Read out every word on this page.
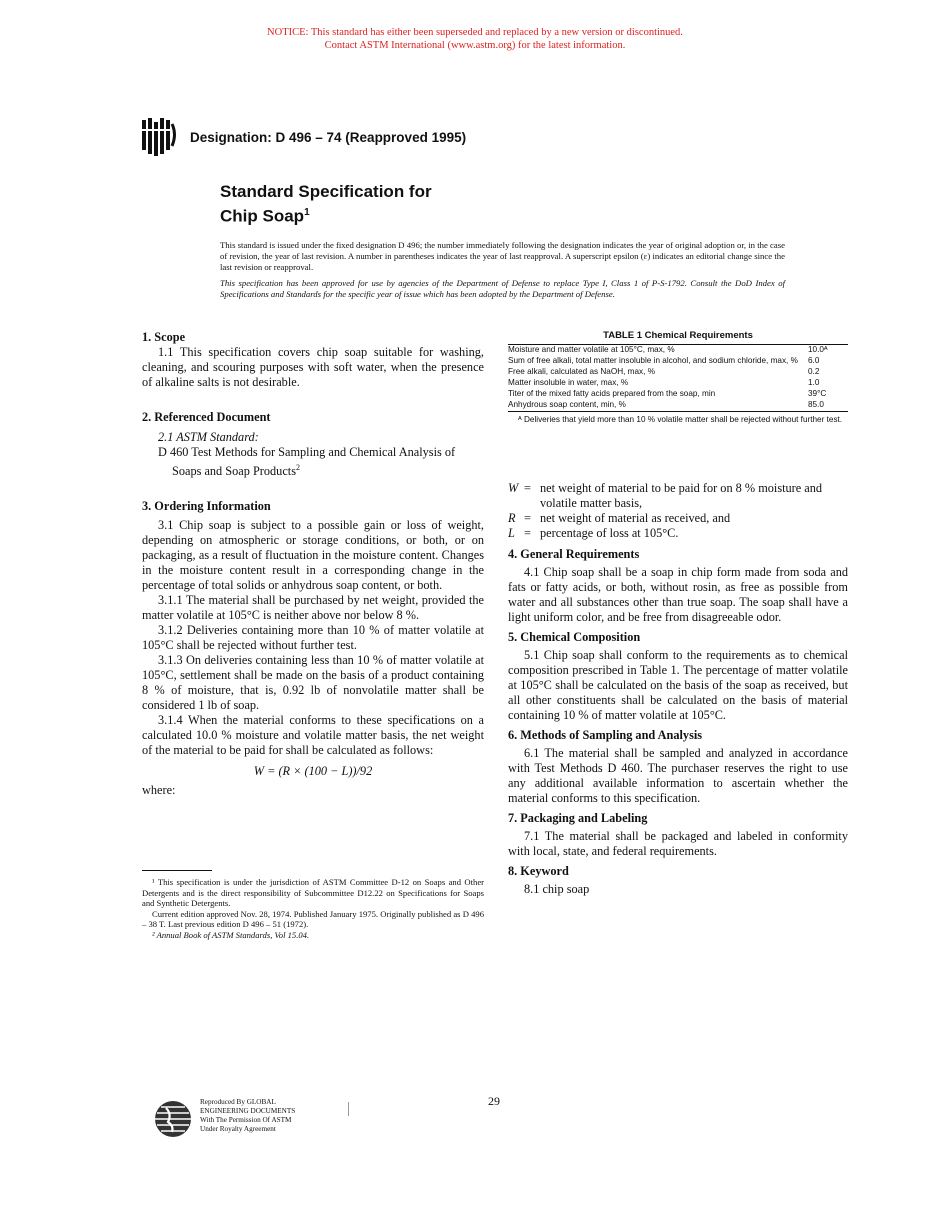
NOTICE: This standard has either been superseded and replaced by a new version or discontinued.
Contact ASTM International (www.astm.org) for the latest information.
Designation: D 496 – 74 (Reapproved 1995)
Standard Specification for
Chip Soap$^1$

This standard is issued under the fixed designation D 496; the number immediately following the designation indicates the year of original adoption or, in the case of revision, the year of last revision. A number in parentheses indicates the year of last reapproval. A superscript epsilon (ε) indicates an editorial change since the last revision or reapproval.

This specification has been approved for use by agencies of the Department of Defense to replace Type I, Class 1 of P-S-1792. Consult the DoD Index of Specifications and Standards for the specific year of issue which has been adopted by the Department of Defense.

1. Scope

1.1 This specification covers chip soap suitable for washing, cleaning, and scouring purposes with soft water, when the presence of alkaline salts is not desirable.

2. Referenced Document

2.1 ASTM Standard:

D 460 Test Methods for Sampling and Chemical Analysis of Soaps and Soap Products$^2$

3. Ordering Information

3.1 Chip soap is subject to a possible gain or loss of weight, depending on atmospheric or storage conditions, or both, or on packaging, as a result of fluctuation in the moisture content. Changes in the moisture content result in a corresponding change in the percentage of total solids or anhydrous soap content, or both.

3.1.1 The material shall be purchased by net weight, provided the matter volatile at 105°C is neither above nor below 8 %.

3.1.2 Deliveries containing more than 10 % of matter volatile at 105°C shall be rejected without further test.

3.1.3 On deliveries containing less than 10 % of matter volatile at 105°C, settlement shall be made on the basis of a product containing 8 % of moisture, that is, 0.92 lb of nonvolatile matter shall be considered 1 lb of soap.

3.1.4 When the material conforms to these specifications on a calculated 10.0 % moisture and volatile matter basis, the net weight of the material to be paid for shall be calculated as follows:

W = (R × (100 − L))/92

where:

¹ This specification is under the jurisdiction of ASTM Committee D-12 on Soaps and Other Detergents and is the direct responsibility of Subcommittee D12.22 on Specifications for Soaps and Synthetic Detergents.

Current edition approved Nov. 28, 1974. Published January 1975. Originally published as D 496 – 38 T. Last previous edition D 496 – 51 (1972).

² Annual Book of ASTM Standards, Vol 15.04.

TABLE 1 Chemical Requirements
Moisture and matter volatile at 105°C, max, %	10.0ᴬ
Sum of free alkali, total matter insoluble in alcohol, and sodium chloride, max, %	6.0
Free alkali, calculated as NaOH, max, %	0.2
Matter insoluble in water, max, %	1.0
Titer of the mixed fatty acids prepared from the soap, min	39°C
Anhydrous soap content, min, %	85.0
ᴬ Deliveries that yield more than 10 % volatile matter shall be rejected without further test.
W = net weight of material to be paid for on 8 % moisture and volatile matter basis,
R = net weight of material as received, and
L = percentage of loss at 105°C.

4. General Requirements

4.1 Chip soap shall be a soap in chip form made from soda and fats or fatty acids, or both, without rosin, as free as possible from water and all substances other than true soap. The soap shall have a light uniform color, and be free from disagreeable odor.

5. Chemical Composition

5.1 Chip soap shall conform to the requirements as to chemical composition prescribed in Table 1. The percentage of matter volatile at 105°C shall be calculated on the basis of the soap as received, but all other constituents shall be calculated on the basis of material containing 10 % of matter volatile at 105°C.

6. Methods of Sampling and Analysis

6.1 The material shall be sampled and analyzed in accordance with Test Methods D 460. The purchaser reserves the right to use any additional available information to ascertain whether the material conforms to this specification.

7. Packaging and Labeling

7.1 The material shall be packaged and labeled in conformity with local, state, and federal requirements.

8. Keyword

8.1 chip soap

29
Reproduced By GLOBAL
ENGINEERING DOCUMENTS
With The Permission Of ASTM
Under Royalty Agreement
